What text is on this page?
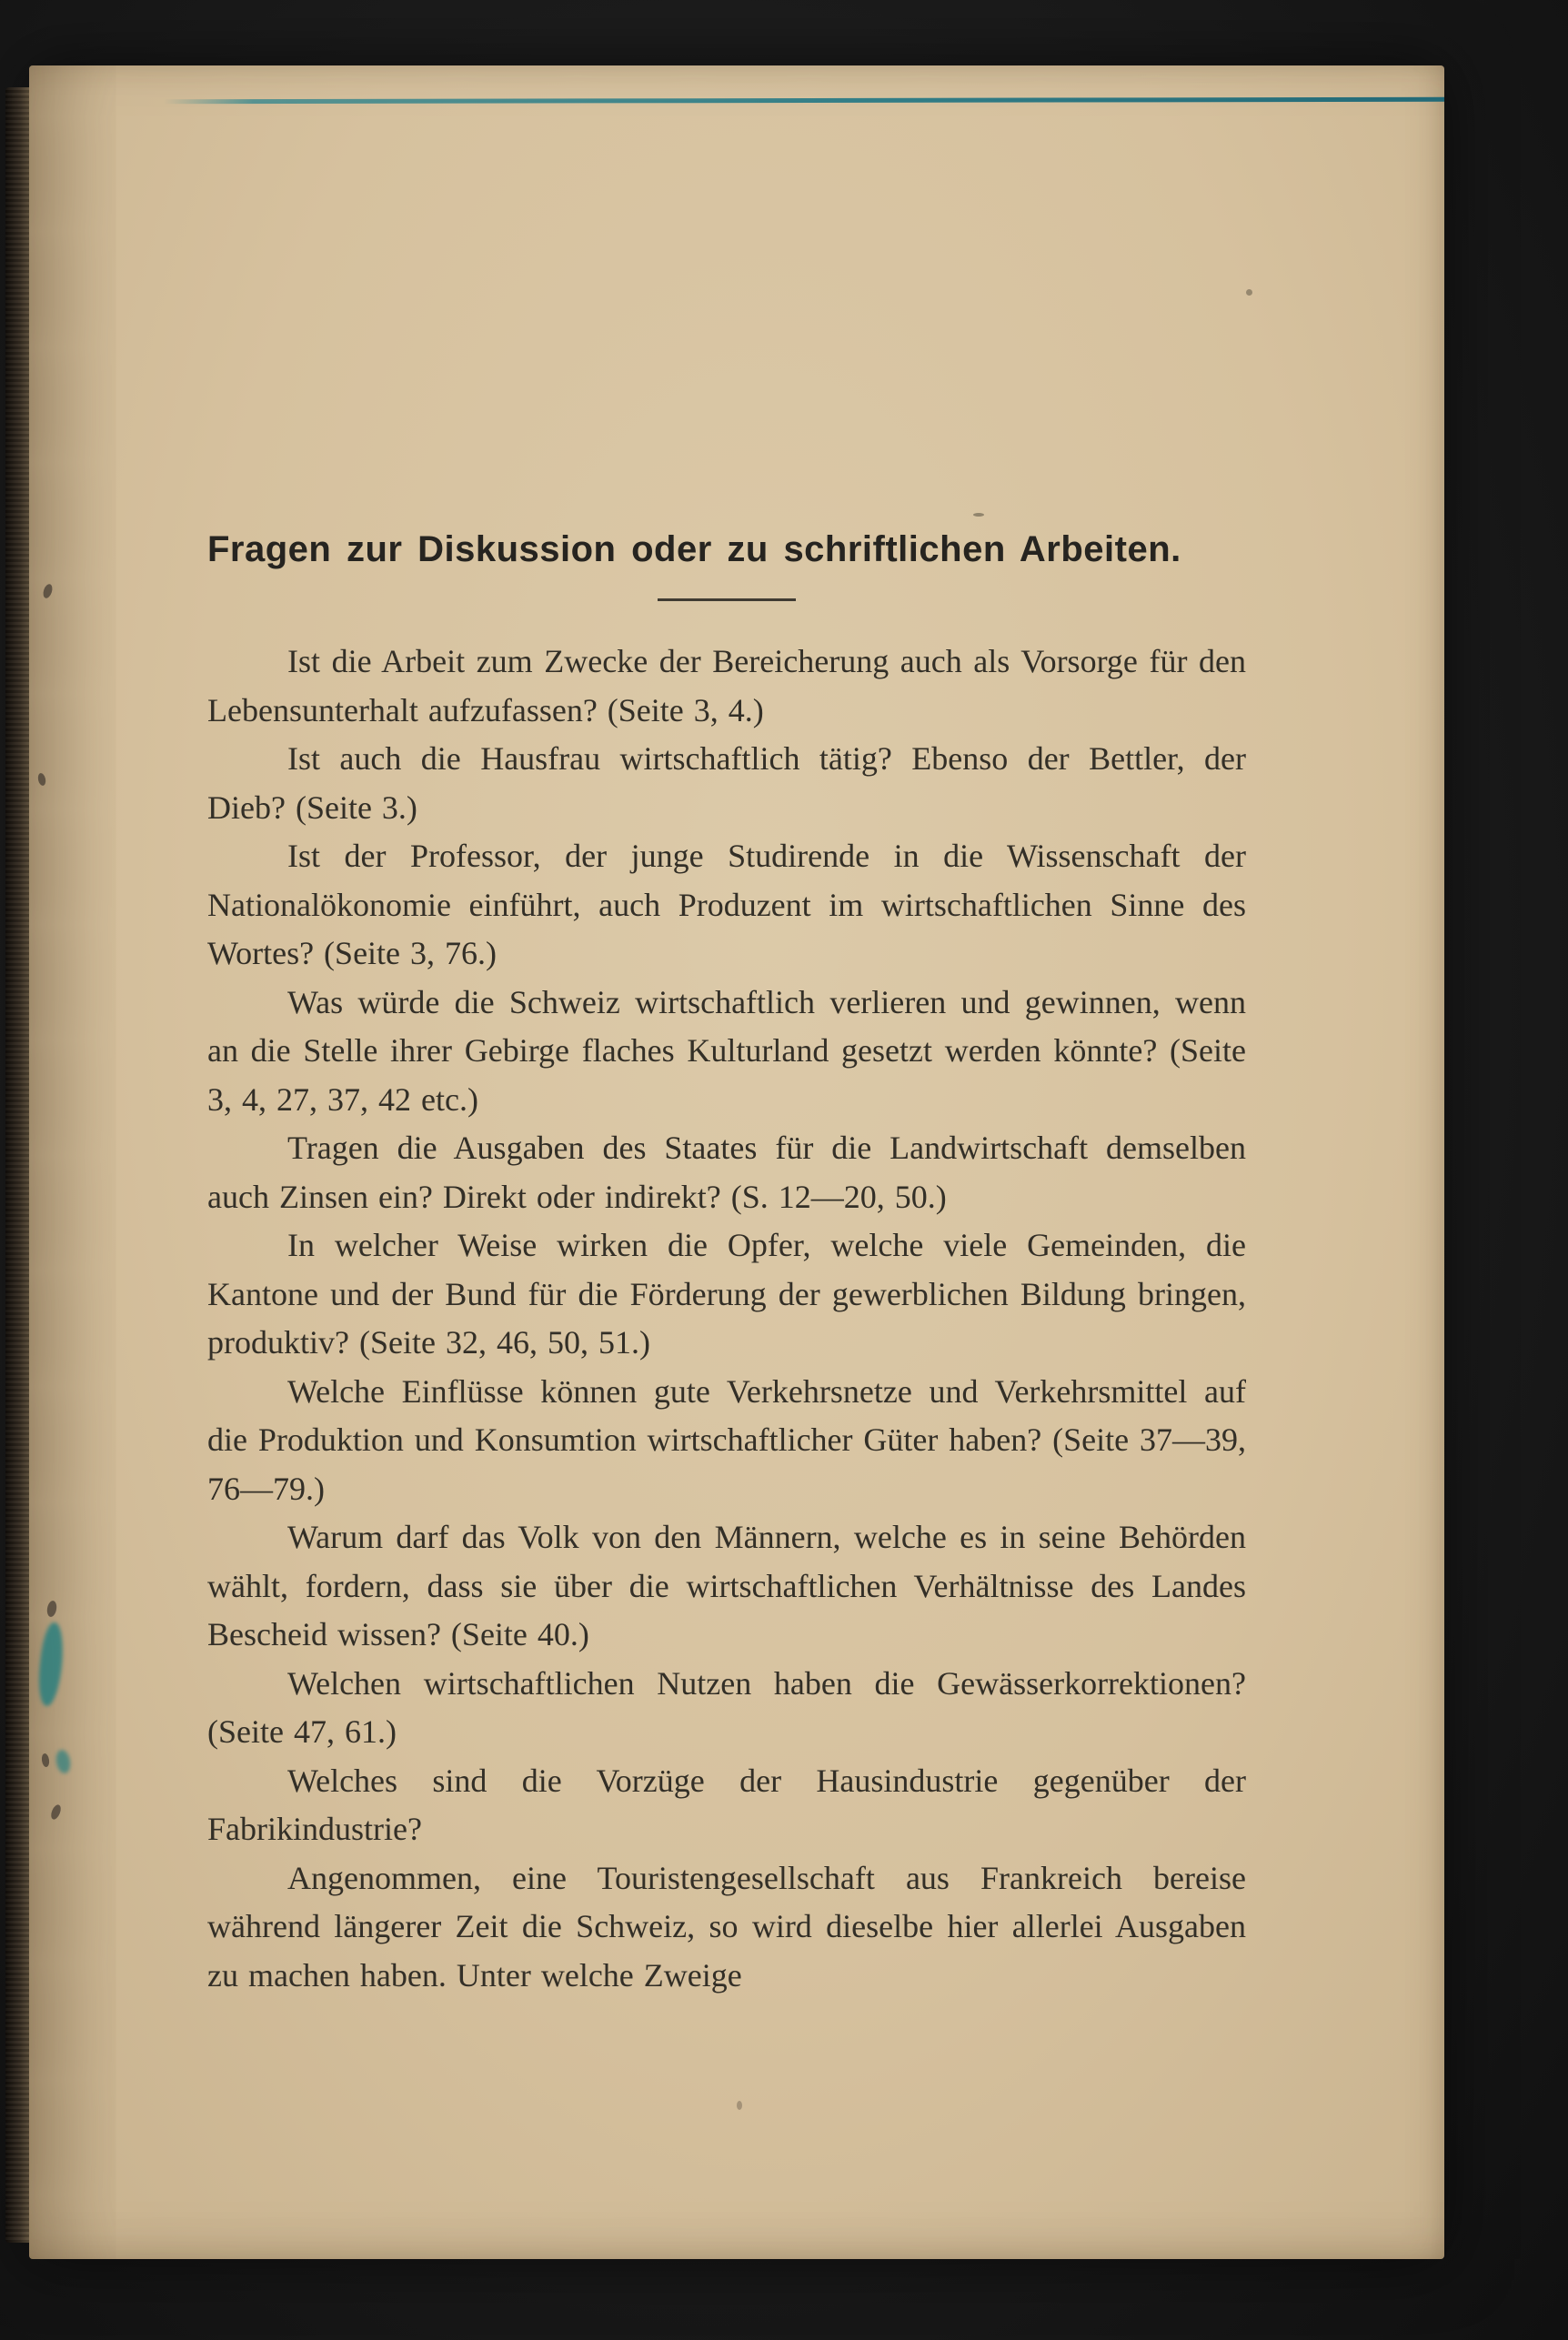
Fragen zur Diskussion oder zu schriftlichen Arbeiten.

Ist die Arbeit zum Zwecke der Bereicherung auch als Vorsorge für den Lebensunterhalt aufzufassen? (Seite 3, 4.)

Ist auch die Hausfrau wirtschaftlich tätig? Ebenso der Bettler, der Dieb? (Seite 3.)

Ist der Professor, der junge Studirende in die Wissenschaft der Nationalökonomie einführt, auch Produzent im wirtschaftlichen Sinne des Wortes? (Seite 3, 76.)

Was würde die Schweiz wirtschaftlich verlieren und gewinnen, wenn an die Stelle ihrer Gebirge flaches Kulturland gesetzt werden könnte? (Seite 3, 4, 27, 37, 42 etc.)

Tragen die Ausgaben des Staates für die Landwirtschaft demselben auch Zinsen ein? Direkt oder indirekt? (S. 12—20, 50.)

In welcher Weise wirken die Opfer, welche viele Gemeinden, die Kantone und der Bund für die Förderung der gewerblichen Bildung bringen, produktiv? (Seite 32, 46, 50, 51.)

Welche Einflüsse können gute Verkehrsnetze und Verkehrsmittel auf die Produktion und Konsumtion wirtschaftlicher Güter haben? (Seite 37—39, 76—79.)

Warum darf das Volk von den Männern, welche es in seine Behörden wählt, fordern, dass sie über die wirtschaftlichen Verhältnisse des Landes Bescheid wissen? (Seite 40.)

Welchen wirtschaftlichen Nutzen haben die Gewässerkorrektionen? (Seite 47, 61.)

Welches sind die Vorzüge der Hausindustrie gegenüber der Fabrikindustrie?

Angenommen, eine Touristengesellschaft aus Frankreich bereise während längerer Zeit die Schweiz, so wird dieselbe hier allerlei Ausgaben zu machen haben. Unter welche Zweige
